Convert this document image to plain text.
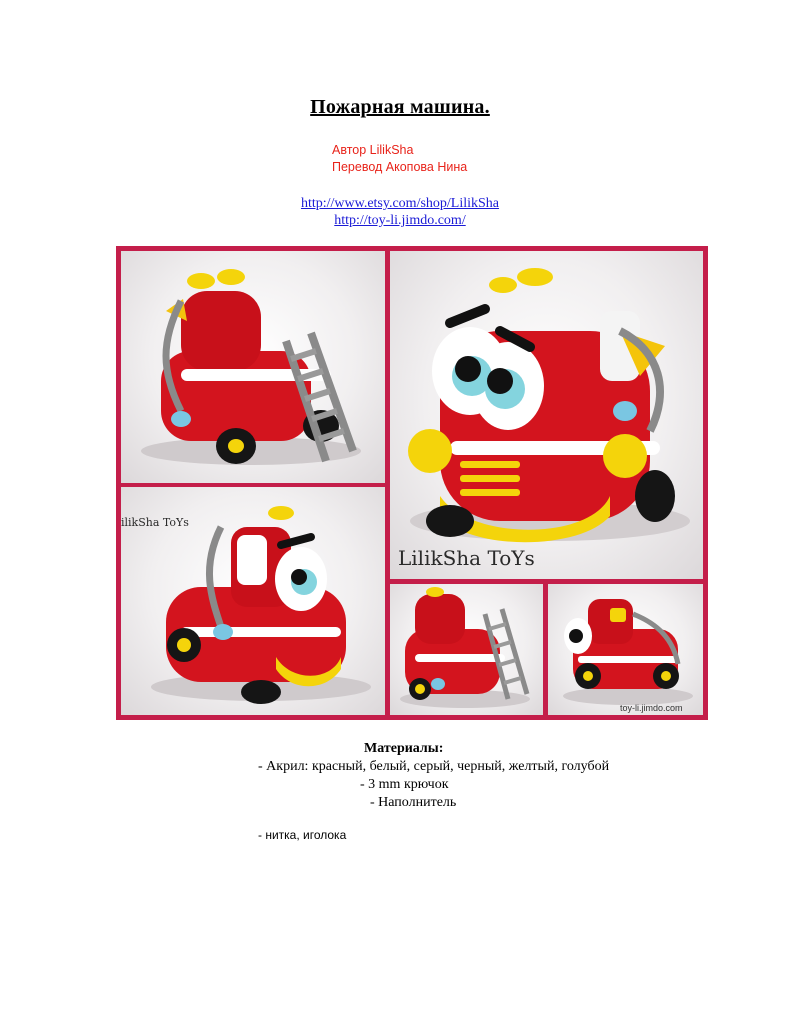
Пожарная машина.
Автор LilikSha
Перевод Акопова Нина
http://www.etsy.com/shop/LilikSha
http://toy-li.jimdo.com/
LilikSha ToYs
ilikSha ToYs
toy-li.jimdo.com
Материалы:
- Акрил: красный, белый, серый, черный, желтый, голубой
- 3 mm крючок
- Наполнитель
- нитка, иголока
